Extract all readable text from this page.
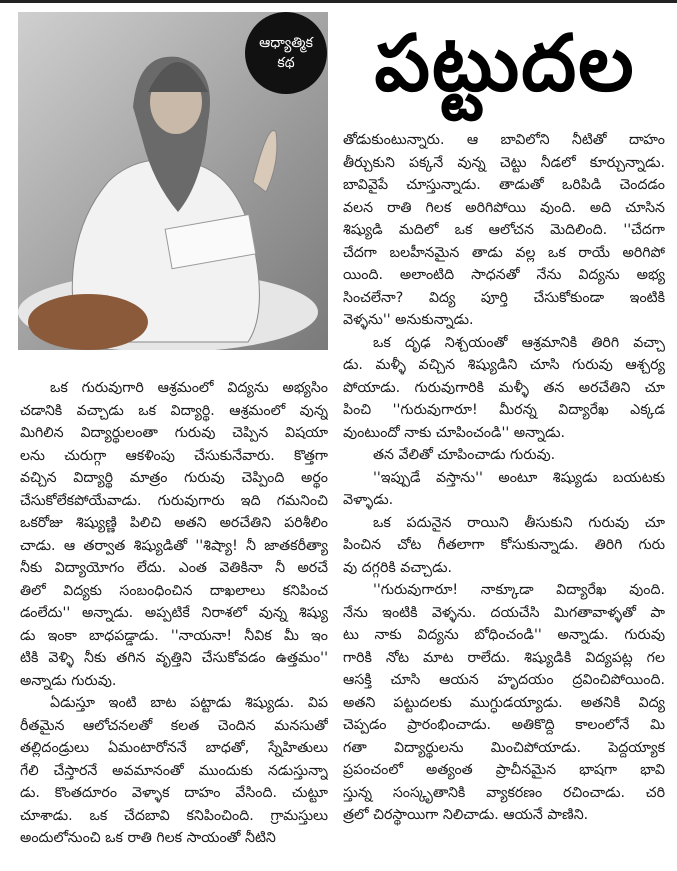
ఆధ్యాత్మిక
కథ	పట్టుదల
ఒక గురువుగారి ఆశ్రమంలో విద్యను అభ్యసిం
చడానికి వచ్చాడు ఒక విద్యార్థి. ఆశ్రమంలో వున్న
మిగిలిన విద్యార్థులంతా గురువు చెప్పిన విషయా
లను చురుగ్గా ఆకళింపు చేసుకునేవారు. కొత్తగా
వచ్చిన విద్యార్థి మాత్రం గురువు చెప్పింది అర్థం
చేసుకోలేకపోయేవాడు. గురువుగారు ఇది గమనించి
ఒకరోజు శిష్యుణ్ణి పిలిచి అతని అరచేతిని పరిశీలిం
చాడు. ఆ తర్వాత శిష్యుడితో ''శిష్యా! నీ జాతకరీత్యా
నీకు విద్యాయోగం లేదు. ఎంత వెతికినా నీ అరచే
తిలో విద్యకు సంబంధించిన దాఖలాలు కనిపించ
డంలేదు'' అన్నాడు. అప్పటికే నిరాశలో వున్న శిష్యు
డు ఇంకా బాధపడ్డాడు. ''నాయనా! నీవిక మీ ఇం
టికి వెళ్ళి నీకు తగిన వృత్తిని చేసుకోవడం ఉత్తమం''
అన్నాడు గురువు.
ఏడుస్తూ ఇంటి బాట పట్టాడు శిష్యుడు. విప
రీతమైన ఆలోచనలతో కలత చెందిన మనసుతో
తల్లిదండ్రులు ఏమంటారోననే బాధతో, స్నేహితులు
గేలి చేస్తారనే అవమానంతో ముందుకు నడుస్తున్నా
డు. కొంతదూరం వెళ్ళాక దాహం వేసింది. చుట్టూ
చూశాడు. ఒక చేదబావి కనిపించింది. గ్రామస్తులు
అందులోనుంచి ఒక రాతి గిలక సాయంతో నీటిని
తోడుకుంటున్నారు. ఆ బావిలోని నీటితో దాహం
తీర్చుకుని పక్కనే వున్న చెట్టు నీడలో కూర్చున్నాడు.
బావివైపే చూస్తున్నాడు. తాడుతో ఒరిపిడి చెందడం
వలన రాతి గిలక అరిగిపోయి వుంది. అది చూసిన
శిష్యుడి మదిలో ఒక ఆలోచన మెదిలింది. ''చేదగా
చేదగా బలహీనమైన తాడు వల్ల ఒక రాయే అరిగిపో
యింది. అలాంటిది సాధనతో నేను విద్యను అభ్య
సించలేనా? విద్య పూర్తి చేసుకోకుండా ఇంటికి
వెళ్ళను'' అనుకున్నాడు.
ఒక దృఢ నిశ్చయంతో ఆశ్రమానికి తిరిగి వచ్చా
డు. మళ్ళీ వచ్చిన శిష్యుడిని చూసి గురువు ఆశ్చర్య
పోయాడు. గురువుగారికి మళ్ళీ తన అరచేతిని చూ
పించి ''గురువుగారూ! మీరన్న విద్యారేఖ ఎక్కడ
వుంటుందో నాకు చూపించండి'' అన్నాడు.
తన వేలితో చూపించాడు గురువు.
''ఇప్పుడే వస్తాను'' అంటూ శిష్యుడు బయటకు
వెళ్ళాడు.
ఒక పదునైన రాయిని తీసుకుని గురువు చూ
పించిన చోట గీతలాగా కోసుకున్నాడు. తిరిగి గురు
వు దగ్గరికి వచ్చాడు.
''గురువుగారూ! నాక్కూడా విద్యారేఖ వుంది.
నేను ఇంటికి వెళ్ళను. దయచేసి మిగతావాళ్ళతో పా
టు నాకు విద్యను బోధించండి'' అన్నాడు. గురువు
గారికి నోట మాట రాలేదు. శిష్యుడికి విద్యపట్ల గల
ఆసక్తి చూసి ఆయన హృదయం ద్రవించిపోయింది.
అతని పట్టుదలకు ముగ్ధుడయ్యాడు. అతనికి విద్య
చెప్పడం ప్రారంభించాడు. అతికొద్ది కాలంలోనే మి
గతా విద్యార్థులను మించిపోయాడు. పెద్దయ్యాక
ప్రపంచంలో అత్యంత ప్రాచీనమైన భాషగా భావి
స్తున్న సంస్కృతానికి వ్యాకరణం రచించాడు. చరి
త్రలో చిరస్థాయిగా నిలిచాడు. ఆయనే పాణిని.
